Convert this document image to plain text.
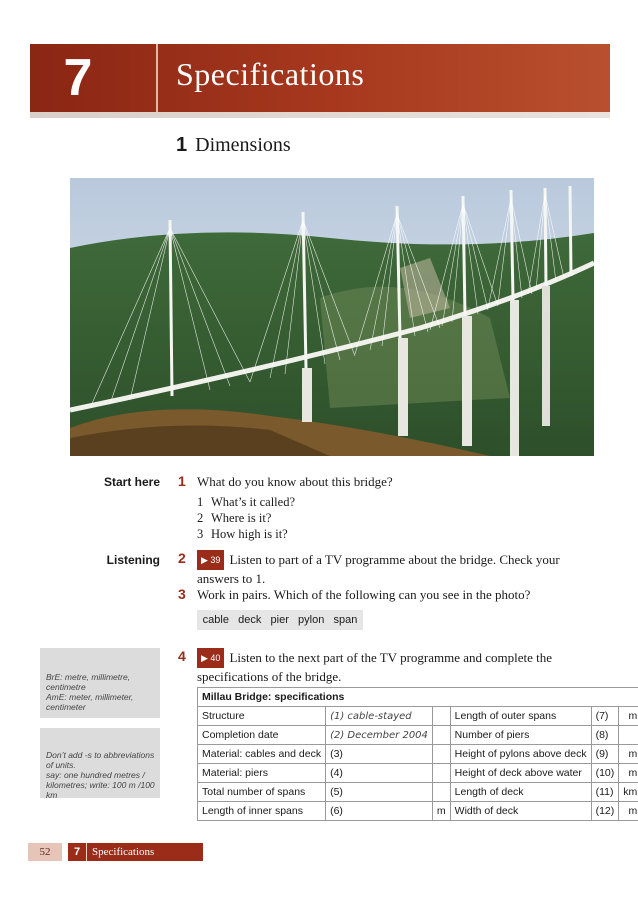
7	Specifications
1 Dimensions
Start here 1 What do you know about this bridge?
1 What’s it called?
2 Where is it?
3 How high is it?
Listening 2	▶ 39 Listen to part of a TV programme about the bridge. Check your
answers to 1.
3 Work in pairs. Which of the following can you see in the photo?
cable   deck   pier   pylon   span
4	▶ 40 Listen to the next part of the TV programme and complete the
specifications of the bridge.
BrE: metre, millimetre,
centimetre
AmE: meter, millimeter,
centimeter
Don’t add -s to abbreviations
of units.
say: one hundred metres /
kilometres; write: 100 m /100 km
Millau Bridge: specifications					
Structure	(1) cable-stayed		Length of outer spans	(7)	m
Completion date	(2) December 2004		Number of piers	(8)	
Material: cables and deck	(3)		Height of pylons above deck	(9)	m
Material: piers	(4)		Height of deck above water	(10)	m
Total number of spans	(5)		Length of deck	(11)	km
Length of inner spans	(6)	m	Width of deck	(12)	m
52	7 Specifications
